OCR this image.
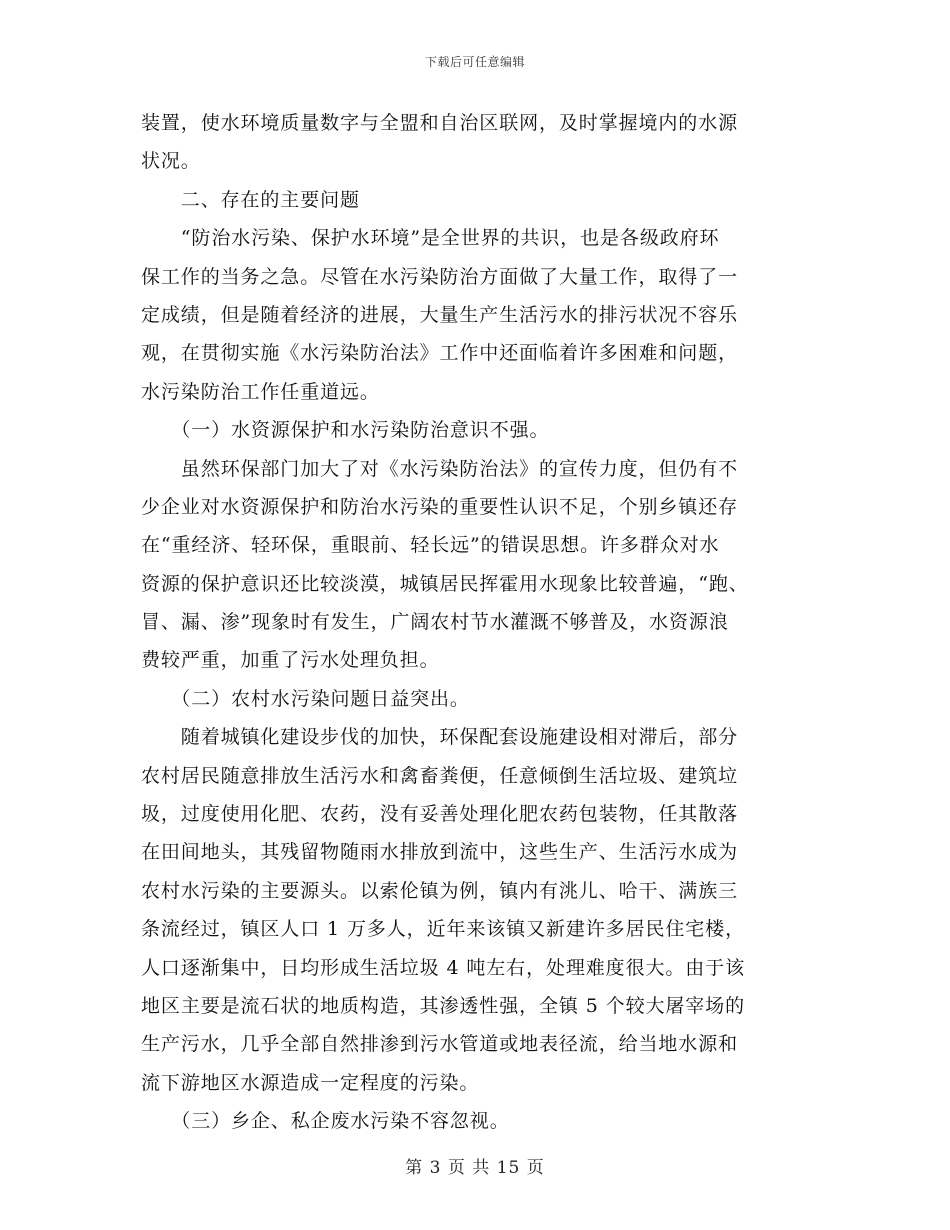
下载后可任意编辑
装置，使水环境质量数字与全盟和自治区联网，及时掌握境内的水源
状况。
　　二、存在的主要问题
　　“防治水污染、保护水环境”是全世界的共识，也是各级政府环
保工作的当务之急。尽管在水污染防治方面做了大量工作，取得了一
定成绩，但是随着经济的进展，大量生产生活污水的排污状况不容乐
观，在贯彻实施《水污染防治法》工作中还面临着许多困难和问题，
水污染防治工作任重道远。
　　（一）水资源保护和水污染防治意识不强。
　　虽然环保部门加大了对《水污染防治法》的宣传力度，但仍有不
少企业对水资源保护和防治水污染的重要性认识不足，个别乡镇还存
在“重经济、轻环保，重眼前、轻长远”的错误思想。许多群众对水
资源的保护意识还比较淡漠，城镇居民挥霍用水现象比较普遍，“跑、
冒、漏、渗”现象时有发生，广阔农村节水灌溉不够普及，水资源浪
费较严重，加重了污水处理负担。
　　（二）农村水污染问题日益突出。
　　随着城镇化建设步伐的加快，环保配套设施建设相对滞后，部分
农村居民随意排放生活污水和禽畜粪便，任意倾倒生活垃圾、建筑垃
圾，过度使用化肥、农药，没有妥善处理化肥农药包装物，任其散落
在田间地头，其残留物随雨水排放到流中，这些生产、生活污水成为
农村水污染的主要源头。以索伦镇为例，镇内有洮儿、哈干、满族三
条流经过，镇区人口 1 万多人，近年来该镇又新建许多居民住宅楼，
人口逐渐集中，日均形成生活垃圾 4 吨左右，处理难度很大。由于该
地区主要是流石状的地质构造，其渗透性强，全镇 5 个较大屠宰场的
生产污水，几乎全部自然排渗到污水管道或地表径流，给当地水源和
流下游地区水源造成一定程度的污染。
　　（三）乡企、私企废水污染不容忽视。
第 3 页 共 15 页
